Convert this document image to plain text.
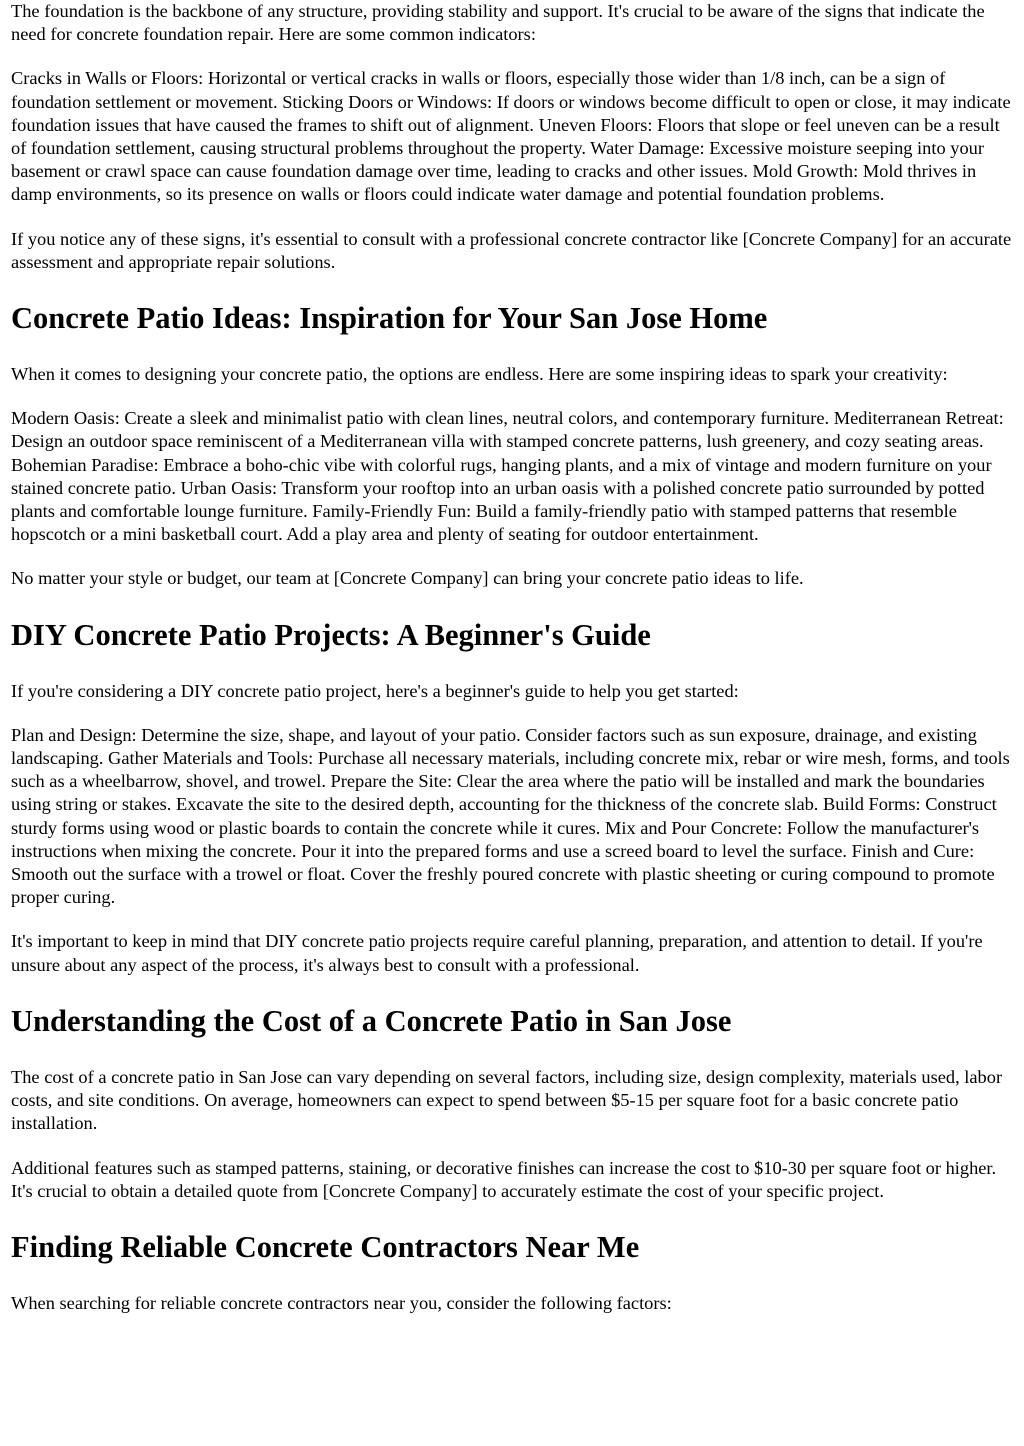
The foundation is the backbone of any structure, providing stability and support. It's crucial to be aware of the signs that indicate the need for concrete foundation repair. Here are some common indicators:

Cracks in Walls or Floors: Horizontal or vertical cracks in walls or floors, especially those wider than 1/8 inch, can be a sign of foundation settlement or movement. Sticking Doors or Windows: If doors or windows become difficult to open or close, it may indicate foundation issues that have caused the frames to shift out of alignment. Uneven Floors: Floors that slope or feel uneven can be a result of foundation settlement, causing structural problems throughout the property. Water Damage: Excessive moisture seeping into your basement or crawl space can cause foundation damage over time, leading to cracks and other issues. Mold Growth: Mold thrives in damp environments, so its presence on walls or floors could indicate water damage and potential foundation problems.

If you notice any of these signs, it's essential to consult with a professional concrete contractor like [Concrete Company] for an accurate assessment and appropriate repair solutions.

Concrete Patio Ideas: Inspiration for Your San Jose Home

When it comes to designing your concrete patio, the options are endless. Here are some inspiring ideas to spark your creativity:

Modern Oasis: Create a sleek and minimalist patio with clean lines, neutral colors, and contemporary furniture. Mediterranean Retreat: Design an outdoor space reminiscent of a Mediterranean villa with stamped concrete patterns, lush greenery, and cozy seating areas. Bohemian Paradise: Embrace a boho-chic vibe with colorful rugs, hanging plants, and a mix of vintage and modern furniture on your stained concrete patio. Urban Oasis: Transform your rooftop into an urban oasis with a polished concrete patio surrounded by potted plants and comfortable lounge furniture. Family-Friendly Fun: Build a family-friendly patio with stamped patterns that resemble hopscotch or a mini basketball court. Add a play area and plenty of seating for outdoor entertainment.

No matter your style or budget, our team at [Concrete Company] can bring your concrete patio ideas to life.

DIY Concrete Patio Projects: A Beginner's Guide

If you're considering a DIY concrete patio project, here's a beginner's guide to help you get started:

Plan and Design: Determine the size, shape, and layout of your patio. Consider factors such as sun exposure, drainage, and existing landscaping. Gather Materials and Tools: Purchase all necessary materials, including concrete mix, rebar or wire mesh, forms, and tools such as a wheelbarrow, shovel, and trowel. Prepare the Site: Clear the area where the patio will be installed and mark the boundaries using string or stakes. Excavate the site to the desired depth, accounting for the thickness of the concrete slab. Build Forms: Construct sturdy forms using wood or plastic boards to contain the concrete while it cures. Mix and Pour Concrete: Follow the manufacturer's instructions when mixing the concrete. Pour it into the prepared forms and use a screed board to level the surface. Finish and Cure: Smooth out the surface with a trowel or float. Cover the freshly poured concrete with plastic sheeting or curing compound to promote proper curing.

It's important to keep in mind that DIY concrete patio projects require careful planning, preparation, and attention to detail. If you're unsure about any aspect of the process, it's always best to consult with a professional.

Understanding the Cost of a Concrete Patio in San Jose

The cost of a concrete patio in San Jose can vary depending on several factors, including size, design complexity, materials used, labor costs, and site conditions. On average, homeowners can expect to spend between $5-15 per square foot for a basic concrete patio installation.

Additional features such as stamped patterns, staining, or decorative finishes can increase the cost to $10-30 per square foot or higher. It's crucial to obtain a detailed quote from [Concrete Company] to accurately estimate the cost of your specific project.

Finding Reliable Concrete Contractors Near Me

When searching for reliable concrete contractors near you, consider the following factors:
